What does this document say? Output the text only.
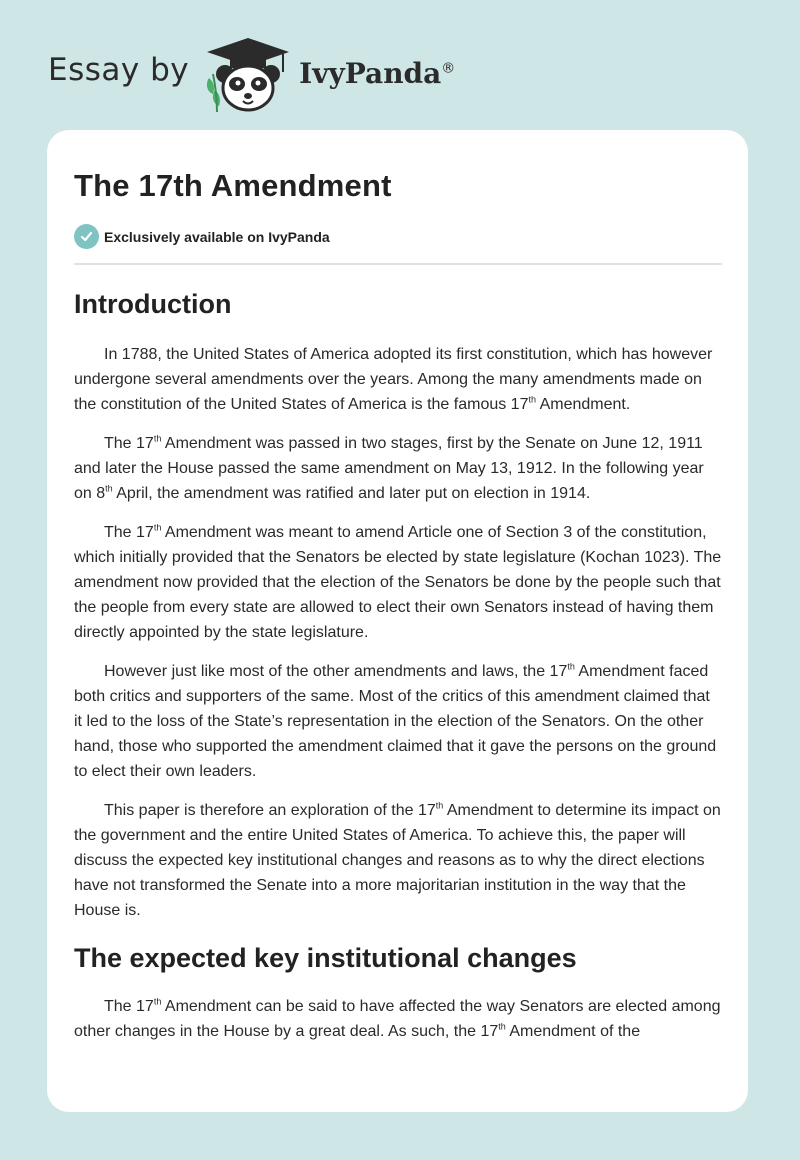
Essay by	IvyPanda®
The 17th Amendment
Exclusively available on IvyPanda
Introduction

In 1788, the United States of America adopted its first constitution, which has however undergone several amendments over the years. Among the many amendments made on the constitution of the United States of America is the famous 17th Amendment.

The 17th Amendment was passed in two stages, first by the Senate on June 12, 1911 and later the House passed the same amendment on May 13, 1912. In the following year on 8th April, the amendment was ratified and later put on election in 1914.

The 17th Amendment was meant to amend Article one of Section 3 of the constitution, which initially provided that the Senators be elected by state legislature (Kochan 1023). The amendment now provided that the election of the Senators be done by the people such that the people from every state are allowed to elect their own Senators instead of having them directly appointed by the state legislature.

However just like most of the other amendments and laws, the 17th Amendment faced both critics and supporters of the same. Most of the critics of this amendment claimed that it led to the loss of the State’s representation in the election of the Senators. On the other hand, those who supported the amendment claimed that it gave the persons on the ground to elect their own leaders.

This paper is therefore an exploration of the 17th Amendment to determine its impact on the government and the entire United States of America. To achieve this, the paper will discuss the expected key institutional changes and reasons as to why the direct elections have not transformed the Senate into a more majoritarian institution in the way that the House is.

The expected key institutional changes

The 17th Amendment can be said to have affected the way Senators are elected among other changes in the House by a great deal. As such, the 17th Amendment of the
